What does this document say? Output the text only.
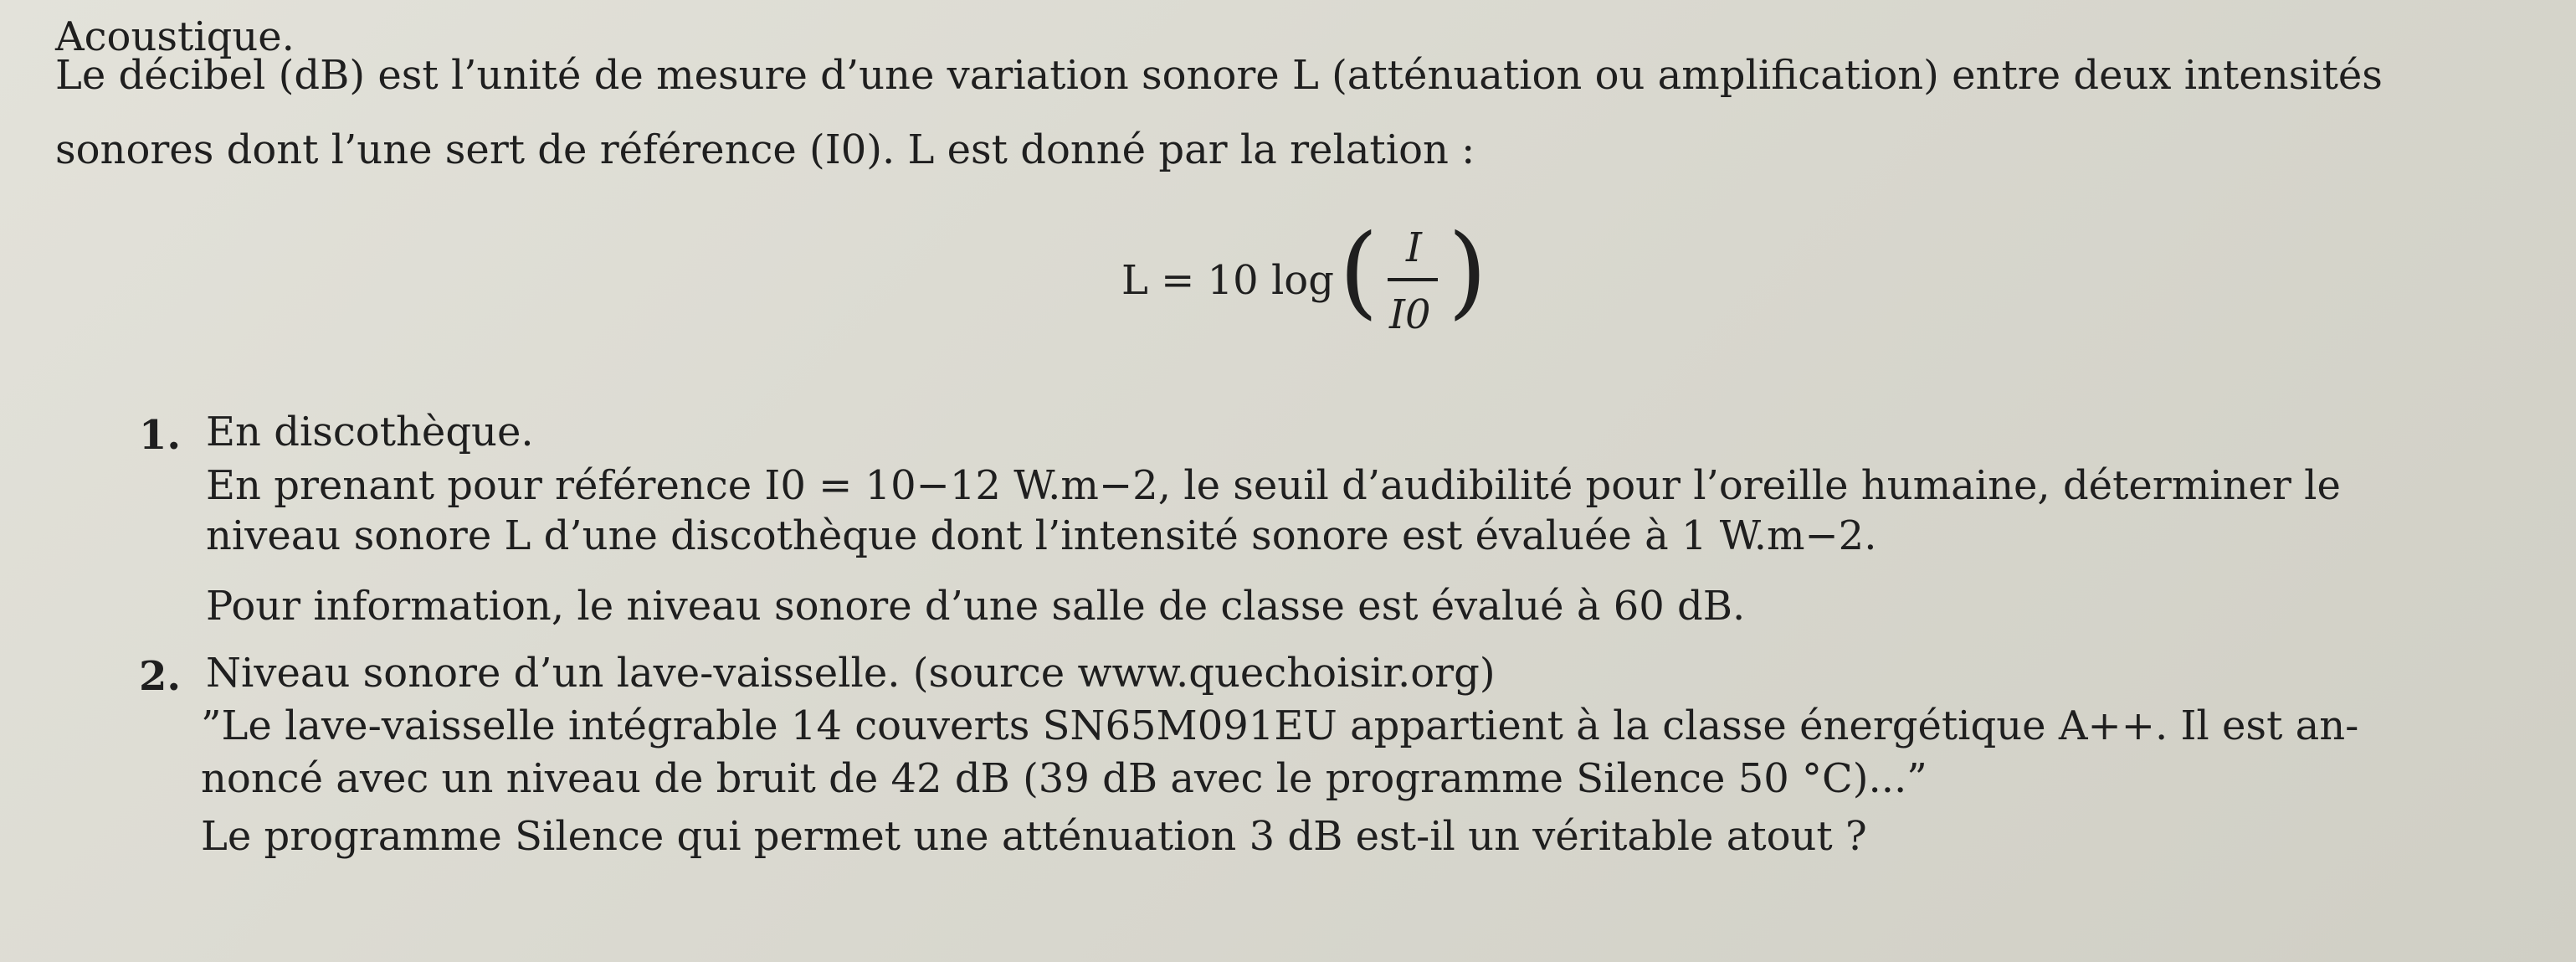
Acoustique.
Le décibel (dB) est l’unité de mesure d’une variation sonore L (atténuation ou amplification) entre deux intensités
sonores dont l’une sert de référence (I0). L est donné par la relation :
L = 10 log ( I
I0 )
1. En discothèque.
En prenant pour référence I0 = 10−12 W.m−2, le seuil d’audibilité pour l’oreille humaine, déterminer le
niveau sonore L d’une discothèque dont l’intensité sonore est évaluée à 1 W.m−2.
Pour information, le niveau sonore d’une salle de classe est évalué à 60 dB.
2. Niveau sonore d’un lave-vaisselle. (source www.quechoisir.org)
”Le lave-vaisselle intégrable 14 couverts SN65M091EU appartient à la classe énergétique A++. Il est an-
noncé avec un niveau de bruit de 42 dB (39 dB avec le programme Silence 50 °C)...”
Le programme Silence qui permet une atténuation 3 dB est-il un véritable atout ?
